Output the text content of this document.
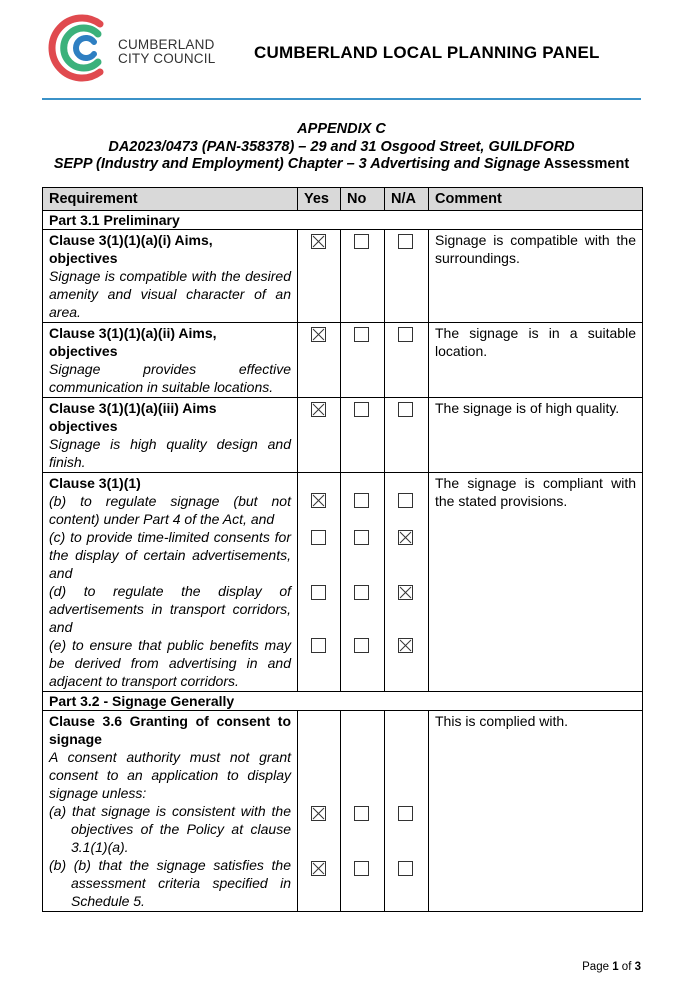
CUMBERLAND
CITY COUNCIL CUMBERLAND LOCAL PLANNING PANEL
APPENDIX C
DA2023/0473 (PAN-358378) – 29 and 31 Osgood Street, GUILDFORD
SEPP (Industry and Employment) Chapter – 3 Advertising and Signage Assessment
Requirement	Yes	No	N/A	Comment
Part 3.1 Preliminary				

Clause 3(1)(1)(a)(i) Aims,
objectives
Signage is compatible with the desired amenity and visual character of an area.				Signage is compatible with the surroundings.

Clause 3(1)(1)(a)(ii) Aims,
objectives
Signage provides effective communication in suitable locations.				The signage is in a suitable location.

Clause 3(1)(1)(a)(iii) Aims
objectives
Signage is high quality design and finish.				The signage is of high quality.

Clause 3(1)(1)
(b) to regulate signage (but not content) under Part 4 of the Act, and
(c) to provide time-limited consents for the display of certain advertisements, and
(d) to regulate the display of advertisements in transport corridors, and
(e) to ensure that public benefits may be derived from advertising in and adjacent to transport corridors.				The signage is compliant with the stated provisions.
Part 3.2 - Signage Generally				

Clause 3.6 Granting of consent to signage
A consent authority must not grant consent to an application to display signage unless:
(a) that signage is consistent with the objectives of the Policy at clause 3.1(1)(a).
(b) (b) that the signage satisfies the assessment criteria specified in Schedule 5.				This is complied with.
Page 1 of 3
